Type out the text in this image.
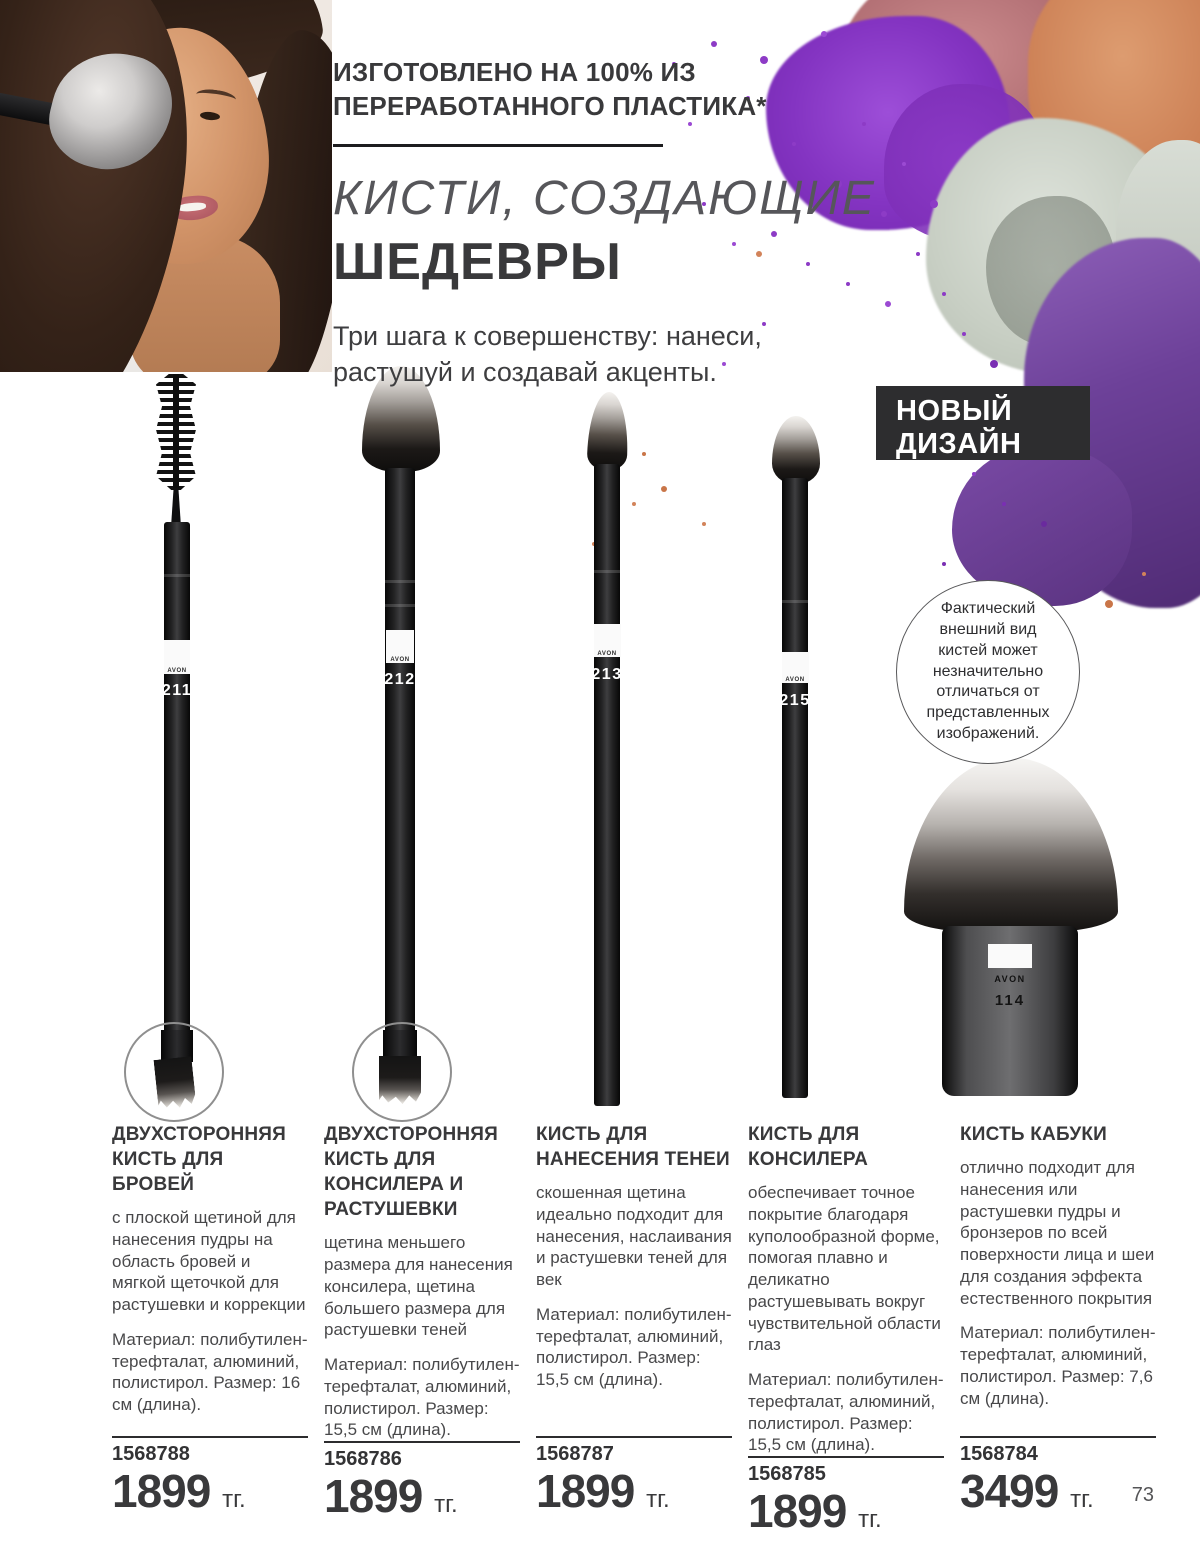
ИЗГОТОВЛЕНО НА 100% ИЗ
ПЕРЕРАБОТАННОГО ПЛАСТИКА*
КИСТИ, СОЗДАЮЩИЕ
ШЕДЕВРЫ
Три шага к совершенству: нанеси,
растушуй и создавай акценты.
НОВЫЙ
ДИЗАЙН

Фактический внешний вид кистей может незначительно отличаться от представленных изображений.

AVON
211
AVON
212
AVON
213	AVON
215
AVON
114
ДВУХСТОРОННЯЯ КИСТЬ ДЛЯ БРОВЕЙ

с плоской щетиной для нанесения пудры на область бровей и мягкой щеточкой для растушевки и коррекции

Материал: полибутилен-терефталат, алюминий, полистирол. Размер: 16 см (длина).

1568788
1899 тг.
ДВУХСТОРОННЯЯ КИСТЬ ДЛЯ КОНСИЛЕРА И РАСТУШЕВКИ

щетина меньшего размера для нанесения консилера, щетина большего размера для растушевки теней

Материал: полибутилен-терефталат, алюминий, полистирол. Размер: 15,5 см (длина).

1568786
1899 тг.
КИСТЬ ДЛЯ НАНЕСЕНИЯ ТЕНЕИ

скошенная щетина идеально подходит для нанесения, наслаивания и растушевки теней для век

Материал: полибутилен-терефталат, алюминий, полистирол. Размер: 15,5 см (длина).

1568787
1899 тг.
КИСТЬ ДЛЯ КОНСИЛЕРА

обеспечивает точное покрытие благодаря куполообразной форме, помогая плавно и деликатно растушевывать вокруг чувствительной области глаз

Материал: полибутилен-терефталат, алюминий, полистирол. Размер: 15,5 см (длина).

1568785
1899 тг.
КИСТЬ КАБУКИ

отлично подходит для нанесения или растушевки пудры и бронзеров по всей поверхности лица и шеи для создания эффекта естественного покрытия

Материал: полибутилен-терефталат, алюминий, полистирол. Размер: 7,6 см (длина).

1568784
3499 тг.	73
